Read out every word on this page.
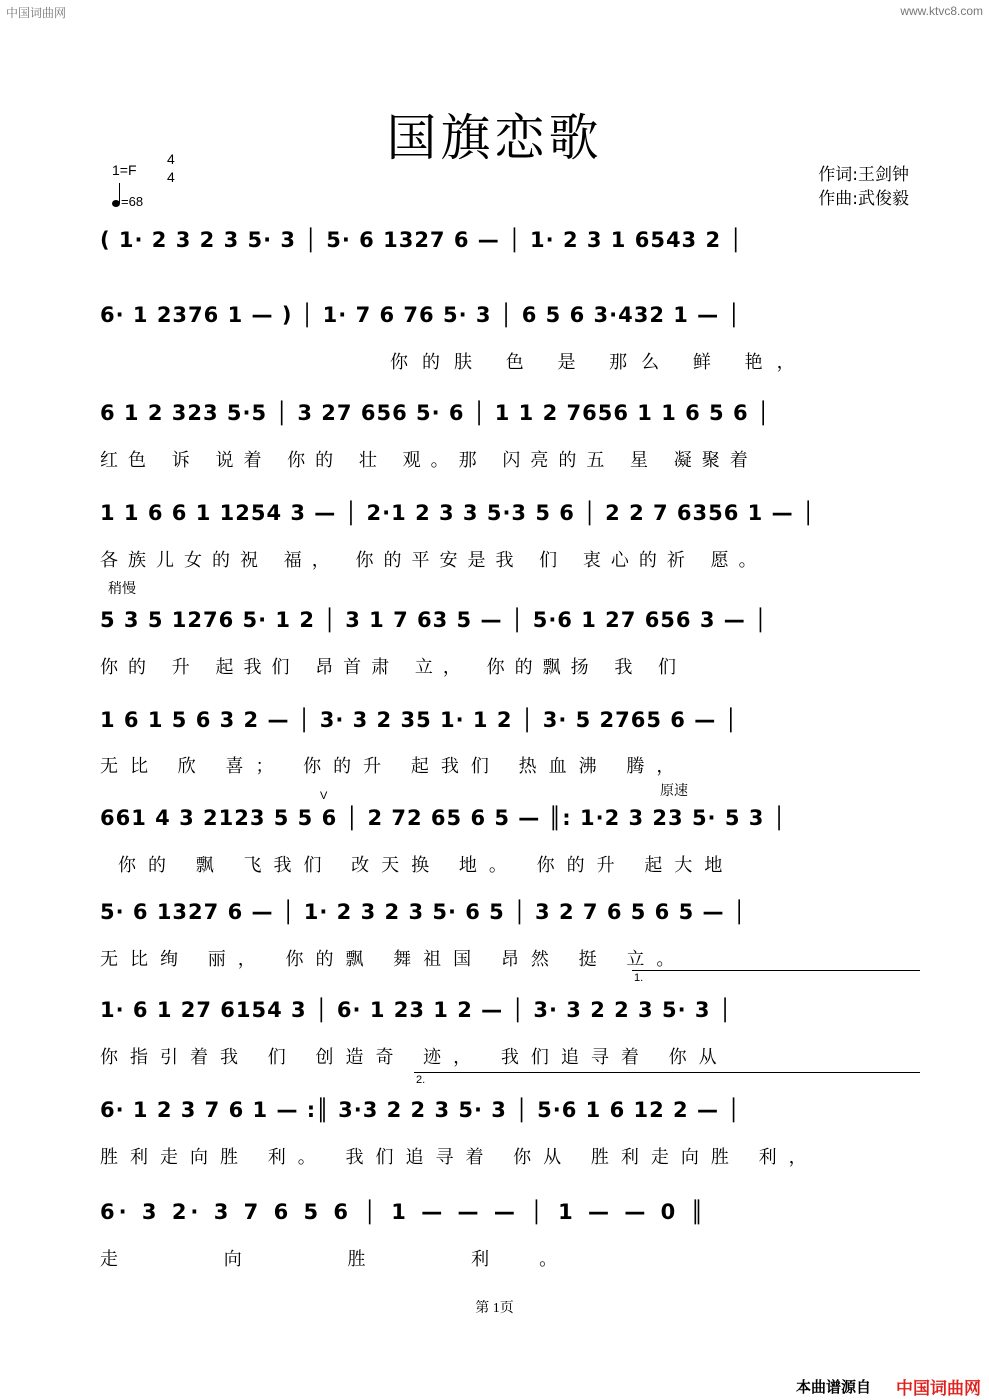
中国词曲网	www.ktvc8.com
国旗恋歌
1=F
4
4
=68
作词:王剑钟
作曲:武俊毅
( 1· 2 3 2 3 5· 3 │ 5· 6 1327 6 — │ 1· 2 3 1 6543 2 │
6· 1 2376 1 — ) │ 1· 7 6 76 5· 3 │ 6 5 6 3·432 1 — │
你的肤 色 是 那么 鲜 艳，
6 1 2 323 5·5 │ 3 27 656 5· 6 │ 1 1 2 7656 1 1 6 5 6 │
红色 诉 说着 你的 壮 观。那 闪亮的五 星 凝聚着
1 1 6 6 1 1254 3 — │ 2·1 2 3 3 5·3 5 6 │ 2 2 7 6356 1 — │
各族儿女的祝 福， 你的平安是我 们 衷心的祈 愿。
稍慢
5 3 5 1276 5· 1 2 │ 3 1 7 63 5 — │ 5·6 1 27 656 3 — │
你的 升 起我们 昂首肃 立， 你的飘扬 我 们
1 6 1 5 6 3 2 — │ 3· 3 2 35 1· 1 2 │ 3· 5 2765 6 — │
无比 欣 喜； 你的升 起我们 热血沸 腾，
原速
V
661 4 3 2123 5 5 6 │ 2 72 65 6 5 — ║: 1·2 3 23 5· 5 3 │
你的 飘 飞我们 改天换 地。 你的升 起大地
5· 6 1327 6 — │ 1· 2 3 2 3 5· 6 5 │ 3 2 7 6 5 6 5 — │
无比绚 丽， 你的飘 舞祖国 昂然 挺 立。
1.
1· 6 1 27 6154 3 │ 6· 1 23 1 2 — │ 3· 3 2 2 3 5· 3 │
你指引着我 们 创造奇 迹， 我们追寻着 你从
2.
6· 1 2 3 7 6 1 — :║ 3·3 2 2 3 5· 3 │ 5·6 1 6 12 2 — │
胜利走向胜 利。 我们追寻着 你从 胜利走向胜 利，
6· 3 2· 3 7 6 5 6 │ 1 — — — │ 1 — — 0 ║
走 向 胜 利。
第 1页
本曲谱源自 中国词曲网
